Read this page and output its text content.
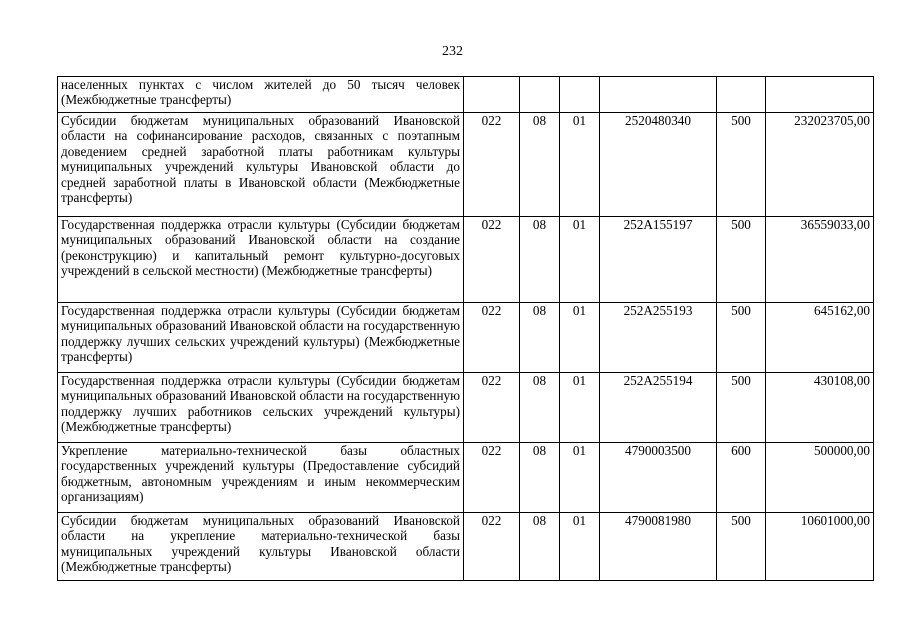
232
населенных пунктах с числом жителей до 50 тысяч человек (Межбюджетные трансферты)						
Субсидии бюджетам муниципальных образований Ивановской области на софинансирование расходов, связанных с поэтапным доведением средней заработной платы работникам культуры муниципальных учреждений культуры Ивановской области до средней заработной платы в Ивановской области (Межбюджетные трансферты)	022	08	01	2520480340	500	232023705,00
Государственная поддержка отрасли культуры (Субсидии бюджетам муниципальных образований Ивановской области на создание (реконструкцию) и капитальный ремонт культурно-досуговых учреждений в сельской местности) (Межбюджетные трансферты)	022	08	01	252A155197	500	36559033,00
Государственная поддержка отрасли культуры (Субсидии бюджетам муниципальных образований Ивановской области на государственную поддержку лучших сельских учреждений культуры) (Межбюджетные трансферты)	022	08	01	252A255193	500	645162,00
Государственная поддержка отрасли культуры (Субсидии бюджетам муниципальных образований Ивановской области на государственную поддержку лучших работников сельских учреждений культуры) (Межбюджетные трансферты)	022	08	01	252A255194	500	430108,00
Укрепление материально-технической базы областных государственных учреждений культуры (Предоставление субсидий бюджетным, автономным учреждениям и иным некоммерческим организациям)	022	08	01	4790003500	600	500000,00
Субсидии бюджетам муниципальных образований Ивановской области на укрепление материально-технической базы муниципальных учреждений культуры Ивановской области (Межбюджетные трансферты)	022	08	01	4790081980	500	10601000,00
